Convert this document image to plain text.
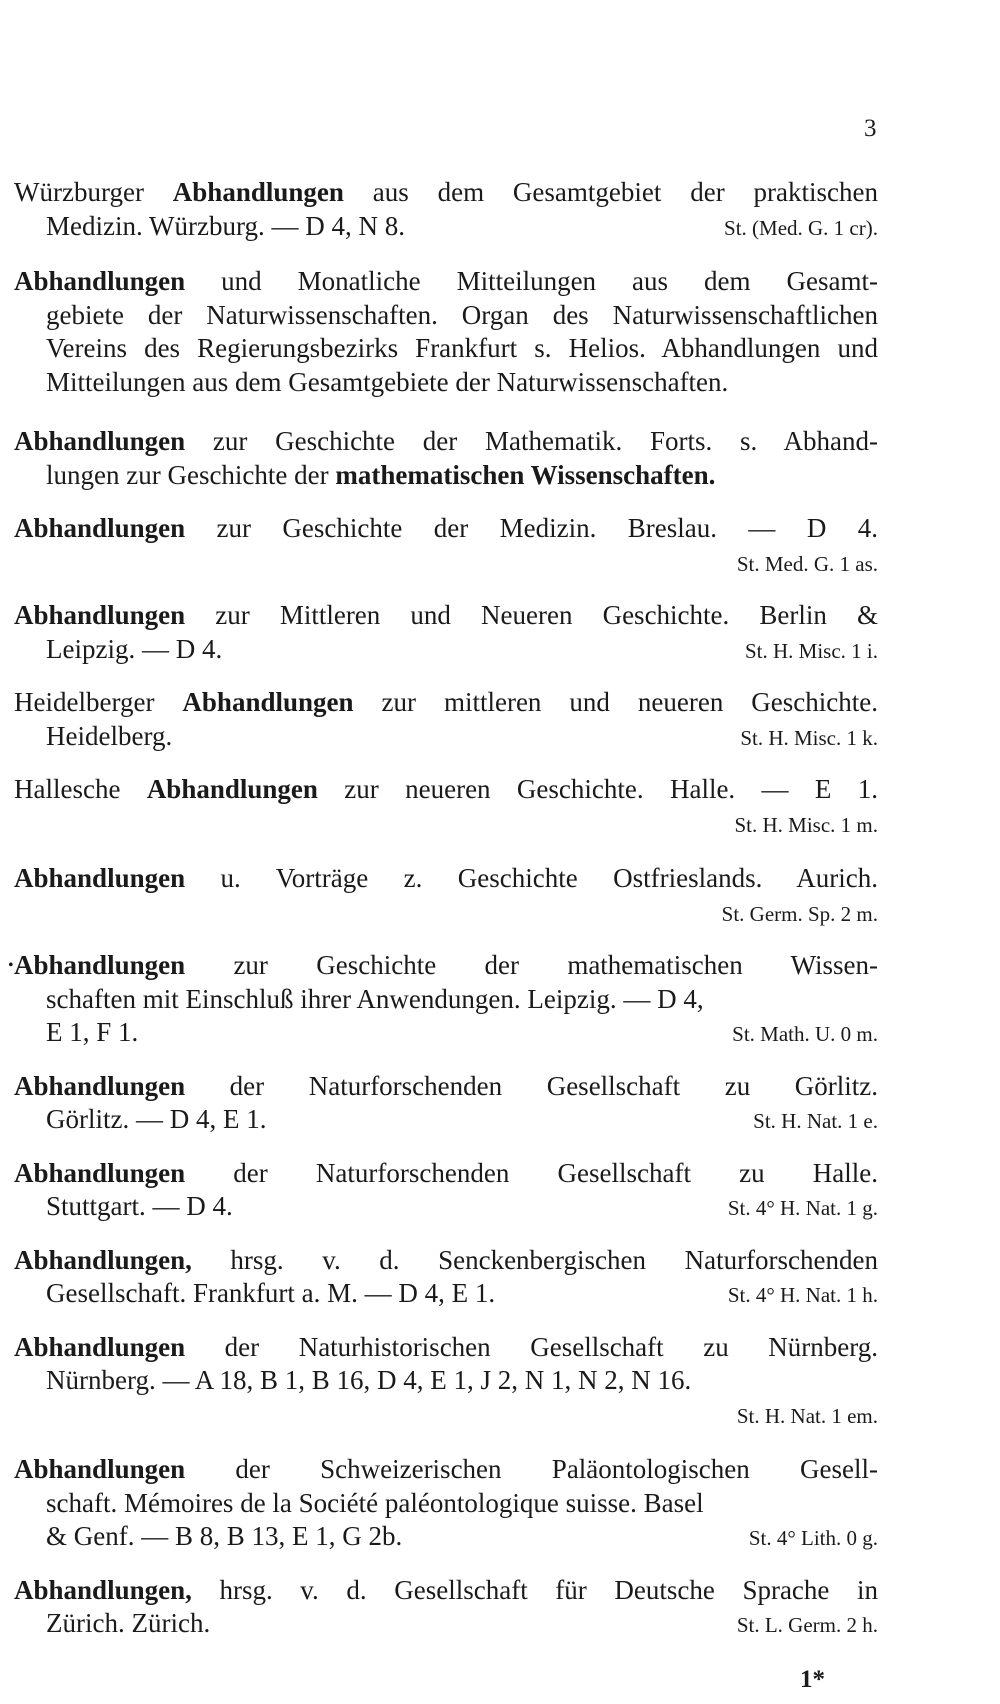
3
Würzburger Abhandlungen aus dem Gesamtgebiet der praktischen
Medizin. Würzburg. — D 4, N 8.	St. (Med. G. 1 cr).
Abhandlungen und Monatliche Mitteilungen aus dem Gesamt-
gebiete der Naturwissenschaften. Organ des Naturwissenschaftlichen Vereins des Regierungsbezirks Frankfurt s. Helios. Abhandlungen und Mitteilungen aus dem Gesamtgebiete der Naturwissenschaften.
Abhandlungen zur Geschichte der Mathematik. Forts. s. Abhand-
lungen zur Geschichte der mathematischen Wissenschaften.
Abhandlungen zur Geschichte der Medizin. Breslau. — D 4.
St. Med. G. 1 as.
Abhandlungen zur Mittleren und Neueren Geschichte. Berlin &
Leipzig. — D 4.	St. H. Misc. 1 i.
Heidelberger Abhandlungen zur mittleren und neueren Geschichte.
Heidelberg.	St. H. Misc. 1 k.
Hallesche Abhandlungen zur neueren Geschichte. Halle. — E 1.
St. H. Misc. 1 m.
Abhandlungen u. Vorträge z. Geschichte Ostfrieslands. Aurich.
St. Germ. Sp. 2 m.
• Abhandlungen zur Geschichte der mathematischen Wissen-
schaften mit Einschluß ihrer Anwendungen. Leipzig. — D 4,
E 1, F 1.	St. Math. U. 0 m.
Abhandlungen der Naturforschenden Gesellschaft zu Görlitz.
Görlitz. — D 4, E 1.	St. H. Nat. 1 e.
Abhandlungen der Naturforschenden Gesellschaft zu Halle.
Stuttgart. — D 4.	St. 4° H. Nat. 1 g.
Abhandlungen, hrsg. v. d. Senckenbergischen Naturforschenden
Gesellschaft. Frankfurt a. M. — D 4, E 1.	St. 4° H. Nat. 1 h.
Abhandlungen der Naturhistorischen Gesellschaft zu Nürnberg.
Nürnberg. — A 18, B 1, B 16, D 4, E 1, J 2, N 1, N 2, N 16.
St. H. Nat. 1 em.
Abhandlungen der Schweizerischen Paläontologischen Gesell-
schaft. Mémoires de la Société paléontologique suisse. Basel
& Genf. — B 8, B 13, E 1, G 2b.	St. 4° Lith. 0 g.
Abhandlungen, hrsg. v. d. Gesellschaft für Deutsche Sprache in
Zürich. Zürich.	St. L. Germ. 2 h.
1*
